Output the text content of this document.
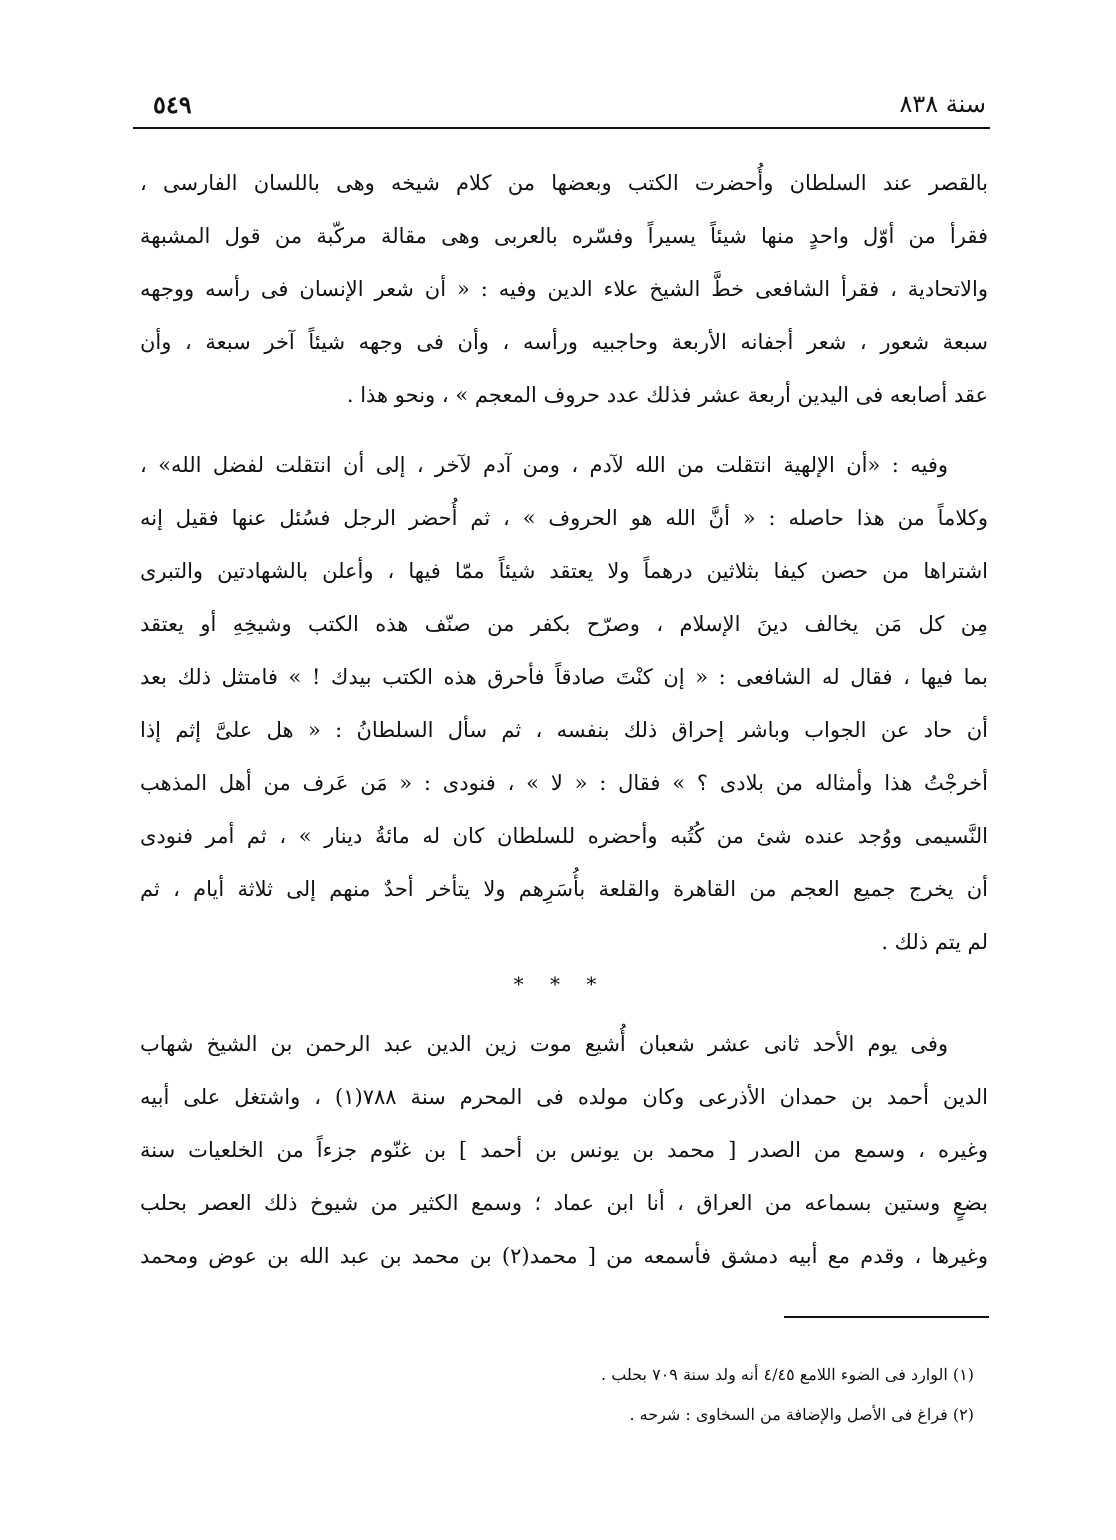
٥٤٩	سنة ٨٣٨
بالقصر عند السلطان وأُحضرت الكتب وبعضها من كلام شيخه وهى باللسان الفارسى ،
فقرأ من أوّل واحدٍ منها شيئاً يسيراً وفسّره بالعربى وهى مقالة مركّبة من قول المشبهة
والاتحادية ، فقرأ الشافعى خطَّ الشيخ علاء الدين وفيه : « أن شعر الإنسان فى رأسه ووجهه
سبعة شعور ، شعر أجفانه الأربعة وحاجبيه ورأسه ، وأن فى وجهه شيئاً آخر سبعة ، وأن
عقد أصابعه فى اليدين أربعة عشر فذلك عدد حروف المعجم » ، ونحو هذا .
وفيه : «أن الإلهية انتقلت من الله لآدم ، ومن آدم لآخر ، إلى أن انتقلت لفضل الله» ،
وكلاماً من هذا حاصله : « أنَّ الله هو الحروف » ، ثم أُحضر الرجل فسُئل عنها فقيل إنه
اشتراها من حصن كيفا بثلاثين درهماً ولا يعتقد شيئاً ممّا فيها ، وأعلن بالشهادتين والتبرى
مِن كل مَن يخالف دينَ الإسلام ، وصرّح بكفر من صنّف هذه الكتب وشيخِهِ أو يعتقد
بما فيها ، فقال له الشافعى : « إن كنْتَ صادقاً فأحرق هذه الكتب بيدك ! » فامتثل ذلك بعد
أن حاد عن الجواب وباشر إحراق ذلك بنفسه ، ثم سأل السلطانُ : « هل علىَّ إثم إذا
أخرجْتُ هذا وأمثاله من بلادى ؟ » فقال : « لا » ، فنودى : « مَن عَرف من أهل المذهب
النَّسيمى ووُجد عنده شئ من كُتُبه وأحضره للسلطان كان له مائةُ دينار » ، ثم أمر فنودى
أن يخرج جميع العجم من القاهرة والقلعة بأُسَرِهم ولا يتأخر أحدٌ منهم إلى ثلاثة أيام ، ثم
لم يتم ذلك .
* * *
وفى يوم الأحد ثانى عشر شعبان أُشيع موت زين الدين عبد الرحمن بن الشيخ شهاب
الدين أحمد بن حمدان الأذرعى وكان مولده فى المحرم سنة ٧٨٨(١) ، واشتغل على أبيه
وغيره ، وسمع من الصدر [ محمد بن يونس بن أحمد ] بن غنّوم جزءاً من الخلعيات سنة
بضعٍ وستين بسماعه من العراق ، أنا ابن عماد ؛ وسمع الكثير من شيوخ ذلك العصر بحلب
وغيرها ، وقدم مع أبيه دمشق فأسمعه من [ محمد(٢) بن محمد بن عبد الله بن عوض ومحمد
(١) الوارد فى الضوء اللامع ٤/٤٥ أنه ولد سنة ٧٠٩ بحلب .
(٢) فراغ فى الأصل والإضافة من السخاوى : شرحه .
